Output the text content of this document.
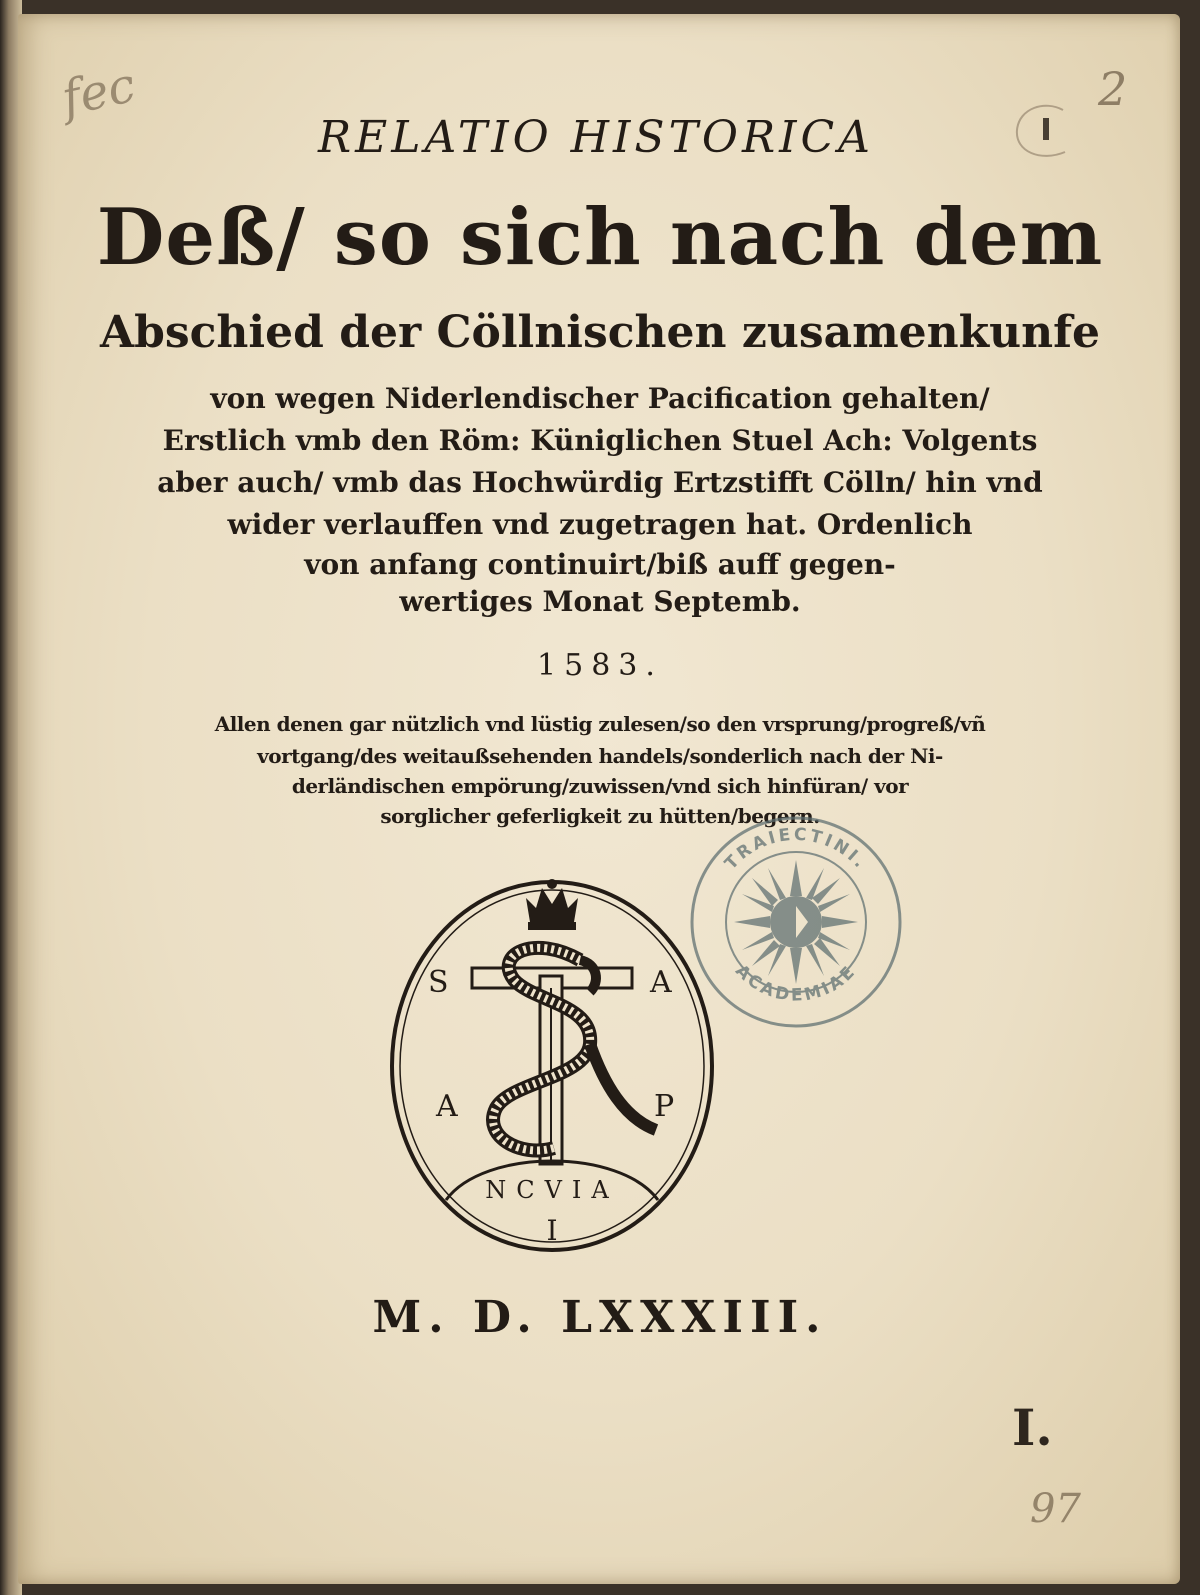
fec	2
RELATIO HISTORICA
Deß/ so sich nach dem
Abschied der Cöllnischen zusamenkunfe
von wegen Niderlendischer Pacification gehalten/
Erstlich vmb den Röm: Küniglichen Stuel Ach: Volgents
aber auch/ vmb das Hochwürdig Ertzstifft Cölln/ hin vnd
wider verlauffen vnd zugetragen hat. Ordenlich
von anfang continuirt/biß auff gegen-
wertiges Monat Septemb.
1583.
Allen denen gar nützlich vnd lüstig zulesen/so den vrsprung/progreß/vñ
vortgang/des weitaußsehenden handels/sonderlich nach der Ni-
derländischen empörung/zuwissen/vnd sich hinfüran/ vor
sorglicher geferligkeit zu hütten/begern.
S	A
A	P
NCVIA
I
TRAIECTINI.
ACADEMIAE
M. D. LXXXIII.
I.
97
